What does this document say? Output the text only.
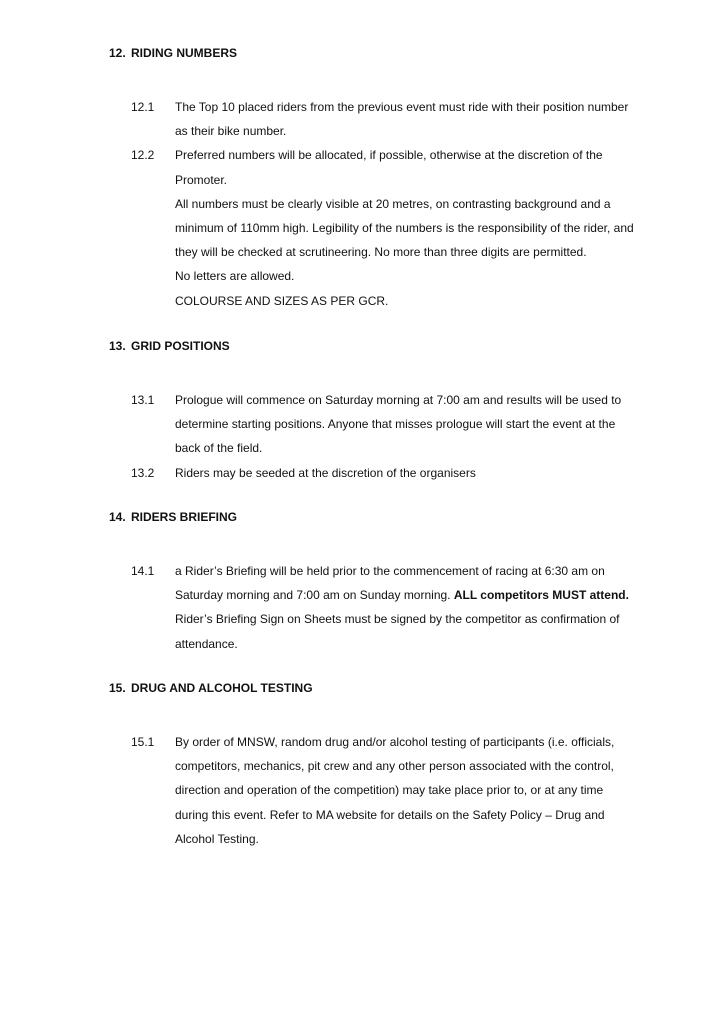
12. RIDING NUMBERS
12.1 The Top 10 placed riders from the previous event must ride with their position number as their bike number.
12.2 Preferred numbers will be allocated, if possible, otherwise at the discretion of the Promoter.
All numbers must be clearly visible at 20 metres, on contrasting background and a minimum of 110mm high. Legibility of the numbers is the responsibility of the rider, and they will be checked at scrutineering. No more than three digits are permitted.
No letters are allowed.
COLOURSE AND SIZES AS PER GCR.
13. GRID POSITIONS
13.1 Prologue will commence on Saturday morning at 7:00 am and results will be used to determine starting positions. Anyone that misses prologue will start the event at the back of the field.
13.2 Riders may be seeded at the discretion of the organisers
14. RIDERS BRIEFING
14.1 a Rider’s Briefing will be held prior to the commencement of racing at 6:30 am on Saturday morning and 7:00 am on Sunday morning. ALL competitors MUST attend.
Rider’s Briefing Sign on Sheets must be signed by the competitor as confirmation of attendance.
15. DRUG AND ALCOHOL TESTING
15.1 By order of MNSW, random drug and/or alcohol testing of participants (i.e. officials, competitors, mechanics, pit crew and any other person associated with the control, direction and operation of the competition) may take place prior to, or at any time during this event. Refer to MA website for details on the Safety Policy – Drug and Alcohol Testing.
